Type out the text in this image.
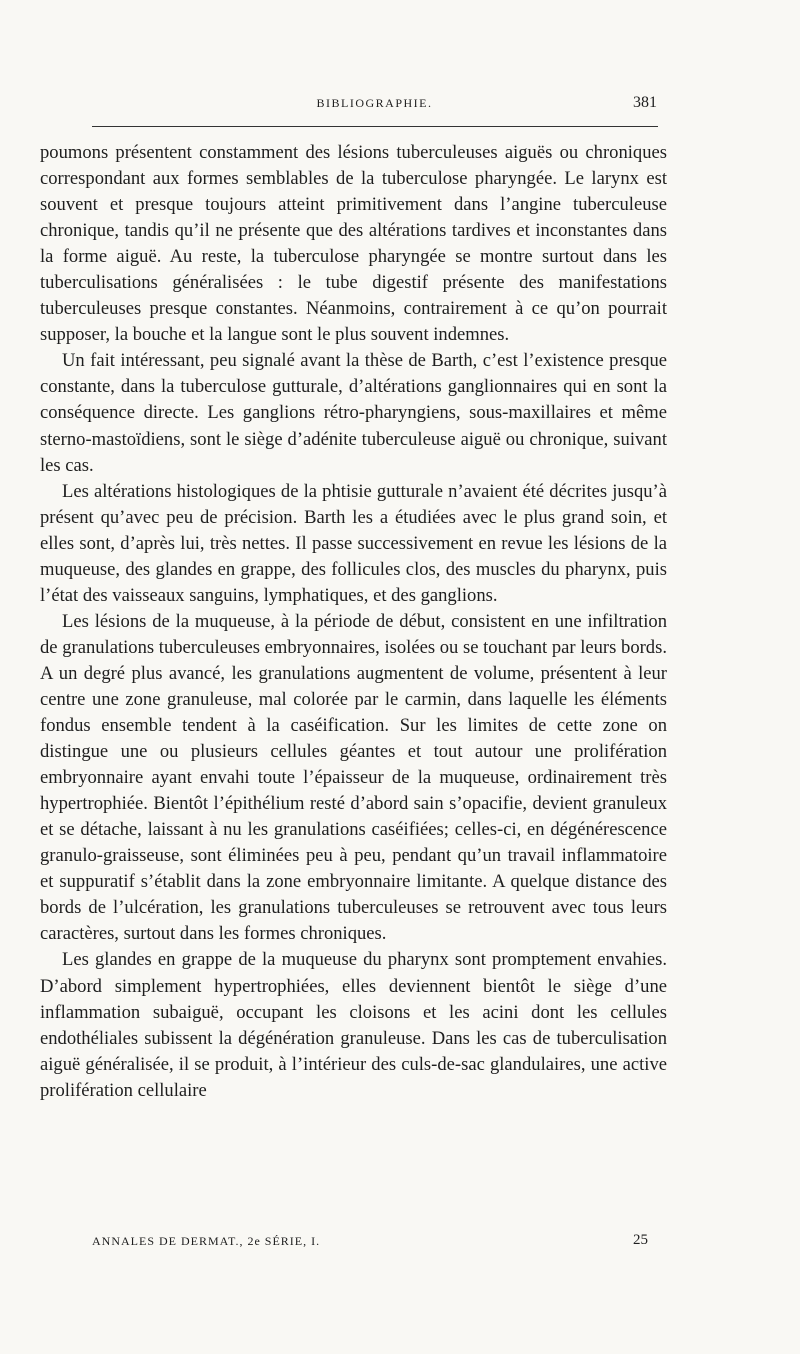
BIBLIOGRAPHIE.	381

poumons présentent constamment des lésions tuberculeuses aiguës ou chroniques correspondant aux formes semblables de la tuberculose pharyngée. Le larynx est souvent et presque toujours atteint primitivement dans l’angine tuberculeuse chronique, tandis qu’il ne présente que des altérations tardives et inconstantes dans la forme aiguë. Au reste, la tuberculose pharyngée se montre surtout dans les tuberculisations généralisées : le tube digestif présente des manifestations tuberculeuses presque constantes. Néanmoins, contrairement à ce qu’on pourrait supposer, la bouche et la langue sont le plus souvent indemnes.

Un fait intéressant, peu signalé avant la thèse de Barth, c’est l’existence presque constante, dans la tuberculose gutturale, d’altérations ganglionnaires qui en sont la conséquence directe. Les ganglions rétro-pharyngiens, sous-maxillaires et même sterno-mastoïdiens, sont le siège d’adénite tuberculeuse aiguë ou chronique, suivant les cas.

Les altérations histologiques de la phtisie gutturale n’avaient été décrites jusqu’à présent qu’avec peu de précision. Barth les a étudiées avec le plus grand soin, et elles sont, d’après lui, très nettes. Il passe successivement en revue les lésions de la muqueuse, des glandes en grappe, des follicules clos, des muscles du pharynx, puis l’état des vaisseaux sanguins, lymphatiques, et des ganglions.

Les lésions de la muqueuse, à la période de début, consistent en une infiltration de granulations tuberculeuses embryonnaires, isolées ou se touchant par leurs bords. A un degré plus avancé, les granulations augmentent de volume, présentent à leur centre une zone granuleuse, mal colorée par le carmin, dans laquelle les éléments fondus ensemble tendent à la caséification. Sur les limites de cette zone on distingue une ou plusieurs cellules géantes et tout autour une prolifération embryonnaire ayant envahi toute l’épaisseur de la muqueuse, ordinairement très hypertrophiée. Bientôt l’épithélium resté d’abord sain s’opacifie, devient granuleux et se détache, laissant à nu les granulations caséifiées; celles-ci, en dégénérescence granulo-graisseuse, sont éliminées peu à peu, pendant qu’un travail inflammatoire et suppuratif s’établit dans la zone embryonnaire limitante. A quelque distance des bords de l’ulcération, les granulations tuberculeuses se retrouvent avec tous leurs caractères, surtout dans les formes chroniques.

Les glandes en grappe de la muqueuse du pharynx sont promptement envahies. D’abord simplement hypertrophiées, elles deviennent bientôt le siège d’une inflammation subaiguë, occupant les cloisons et les acini dont les cellules endothéliales subissent la dégénération granuleuse. Dans les cas de tuberculisation aiguë généralisée, il se produit, à l’intérieur des culs-de-sac glandulaires, une active prolifération cellulaire

ANNALES DE DERMAT., 2e SÉRIE, I.	25
